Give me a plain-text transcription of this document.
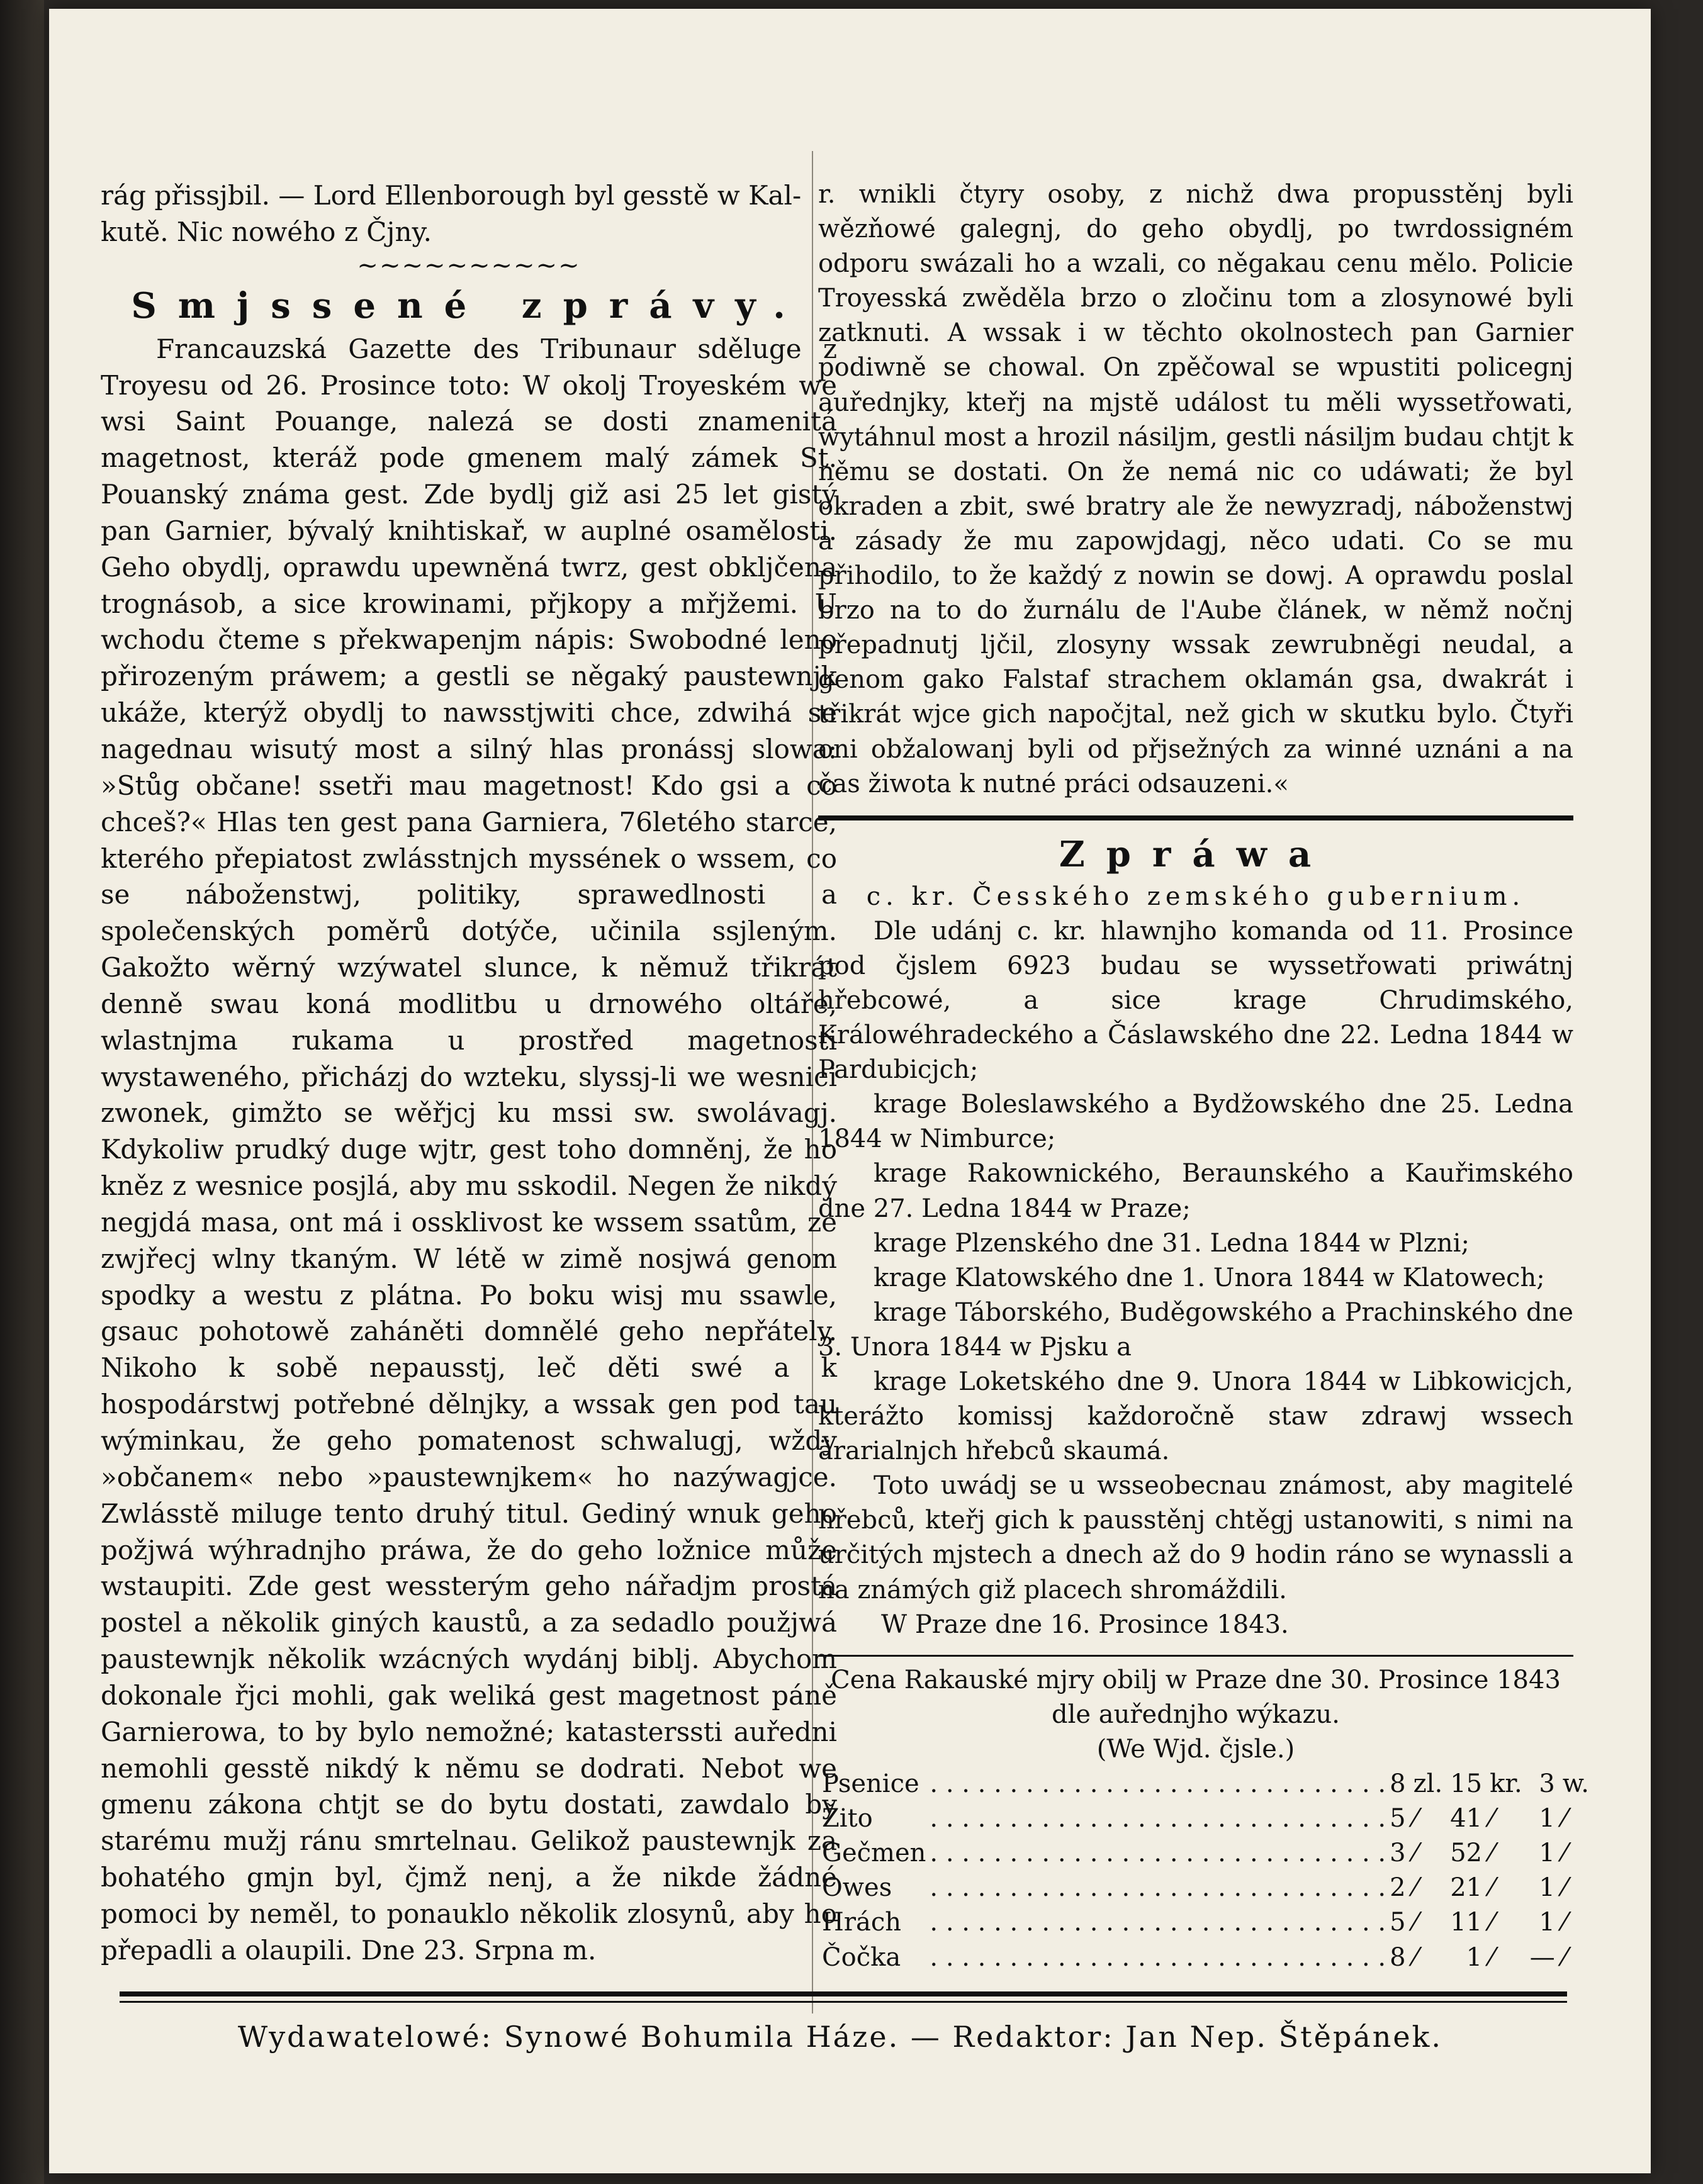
rág přissjbil. — Lord Ellenborough byl gesstě w Kal-

kutě. Nic nowého z Čjny.

~~~~~~~~~~

Smjssené zprávy.

Francauzská Gazette des Tribunaur sděluge z Troyesu od 26. Prosince toto: W okolj Troyeském we wsi Saint Pouange, nalezá se dosti znamenitá magetnost, kteráž pode gmenem malý zámek St. Pouanský známa gest. Zde bydlj giž asi 25 let gistý pan Garnier, bývalý knihtiskař, w auplné osamělosti. Geho obydlj, oprawdu upewněná twrz, gest obkljčena trognásob, a sice krowinami, přjkopy a mřjžemi. U wchodu čteme s překwapenjm nápis: Swobodné leno přirozeným práwem; a gestli se něgaký paustewnjk ukáže, kterýž obydlj to nawsstjwiti chce, zdwihá se nagednau wisutý most a silný hlas pronássj slowa: »Stůg občane! ssetři mau magetnost! Kdo gsi a co chceš?« Hlas ten gest pana Garniera, 76letého starce, kterého přepiatost zwlásstnjch myssének o wssem, co se náboženstwj, politiky, sprawedlnosti a společenských poměrů dotýče, učinila ssjleným. Gakožto wěrný wzýwatel slunce, k němuž třikrát denně swau koná modlitbu u drnowého oltáře, wlastnjma rukama u prostřed magetnosti wystaweného, přicházj do wzteku, slyssj-li we wesnici zwonek, gimžto se wěřjcj ku mssi sw. swolávagj. Kdykoliw prudký duge wjtr, gest toho domněnj, že ho kněz z wesnice posjlá, aby mu sskodil. Negen že nikdý negjdá masa, ont má i ossklivost ke wssem ssatům, ze zwjřecj wlny tkaným. W létě w zimě nosjwá genom spodky a westu z plátna. Po boku wisj mu ssawle, gsauc pohotowě zaháněti domnělé geho nepřátely. Nikoho k sobě nepausstj, leč děti swé a k hospodárstwj potřebné dělnjky, a wssak gen pod tau wýminkau, že geho pomatenost schwalugj, wždy »občanem« nebo »paustewnjkem« ho nazýwagjce. Zwlásstě miluge tento druhý titul. Gediný wnuk geho požjwá wýhradnjho práwa, že do geho ložnice může wstaupiti. Zde gest wessterým geho nářadjm prostá postel a několik giných kaustů, a za sedadlo použjwá paustewnjk několik wzácných wydánj biblj. Abychom dokonale řjci mohli, gak weliká gest magetnost páně Garnierowa, to by bylo nemožné; katasterssti auředni nemohli gesstě nikdý k němu se dodrati. Nebot we gmenu zákona chtjt se do bytu dostati, zawdalo by starému mužj ránu smrtelnau. Gelikož paustewnjk za bohatého gmjn byl, čjmž nenj, a že nikde žádné pomoci by neměl, to ponauklo několik zlosynů, aby ho přepadli a olaupili. Dne 23. Srpna m.

r. wnikli čtyry osoby, z nichž dwa propusstěnj byli wězňowé galegnj, do geho obydlj, po twrdossigném odporu swázali ho a wzali, co něgakau cenu mělo. Policie Troyesská zwěděla brzo o zločinu tom a zlosynowé byli zatknuti. A wssak i w těchto okolnostech pan Garnier podiwně se chowal. On zpěčowal se wpustiti policegnj auřednjky, kteřj na mjstě událost tu měli wyssetřowati, wytáhnul most a hrozil násiljm, gestli násiljm budau chtjt k němu se dostati. On že nemá nic co udáwati; že byl okraden a zbit, swé bratry ale že newyzradj, náboženstwj a zásady že mu zapowjdagj, něco udati. Co se mu přihodilo, to že každý z nowin se dowj. A oprawdu poslal brzo na to do žurnálu de l'Aube článek, w němž nočnj přepadnutj ljčil, zlosyny wssak zewrubněgi neudal, a genom gako Falstaf strachem oklamán gsa, dwakrát i třikrát wjce gich napočjtal, než gich w skutku bylo. Čtyři oni obžalowanj byli od přjsežných za winné uznáni a na čas žiwota k nutné práci odsauzeni.«

Zpráwa

c. kr. Česského zemského gubernium.

Dle udánj c. kr. hlawnjho komanda od 11. Prosince pod čjslem 6923 budau se wyssetřowati priwátnj hřebcowé, a sice krage Chrudimského, Králowéhradeckého a Čáslawského dne 22. Ledna 1844 w Pardubicjch;

krage Boleslawského a Bydžowského dne 25. Ledna 1844 w Nimburce;

krage Rakownického, Beraunského a Kauřimského dne 27. Ledna 1844 w Praze;

krage Plzenského dne 31. Ledna 1844 w Plzni;

krage Klatowského dne 1. Unora 1844 w Klatowech;

krage Táborského, Buděgowského a Prachinského dne 3. Unora 1844 w Pjsku a

krage Loketského dne 9. Unora 1844 w Libkowicjch, kterážto komissj každoročně staw zdrawj wssech ärarialnjch hřebců skaumá.

Toto uwádj se u wsseobecnau známost, aby magitelé hřebců, kteřj gich k pausstěnj chtěgj ustanowiti, s nimi na určitých mjstech a dnech až do 9 hodin ráno se wynassli a na známých giž placech shromáždili.

W Praze dne 16. Prosince 1843.

Cena Rakauské mjry obilj w Praze dne 30. Prosince 1843 dle auřednjho wýkazu.

(We Wjd. čjsle.)

Psenice	. . . . . . . . . . . . . . . . . . . . . . . . . . . . .	8	zl.	15	kr.	3	w.
Žito	. . . . . . . . . . . . . . . . . . . . . . . . . . . . .	5	⁄	41	⁄	1	⁄
Gečmen	. . . . . . . . . . . . . . . . . . . . . . . . . . . . .	3	⁄	52	⁄	1	⁄
Owes	. . . . . . . . . . . . . . . . . . . . . . . . . . . . .	2	⁄	21	⁄	1	⁄
Hrách	. . . . . . . . . . . . . . . . . . . . . . . . . . . . .	5	⁄	11	⁄	1	⁄
Čočka	. . . . . . . . . . . . . . . . . . . . . . . . . . . . .	8	⁄	1	⁄	—	⁄
Wydawatelowé: Synowé Bohumila Háze. — Redaktor: Jan Nep. Štěpánek.
